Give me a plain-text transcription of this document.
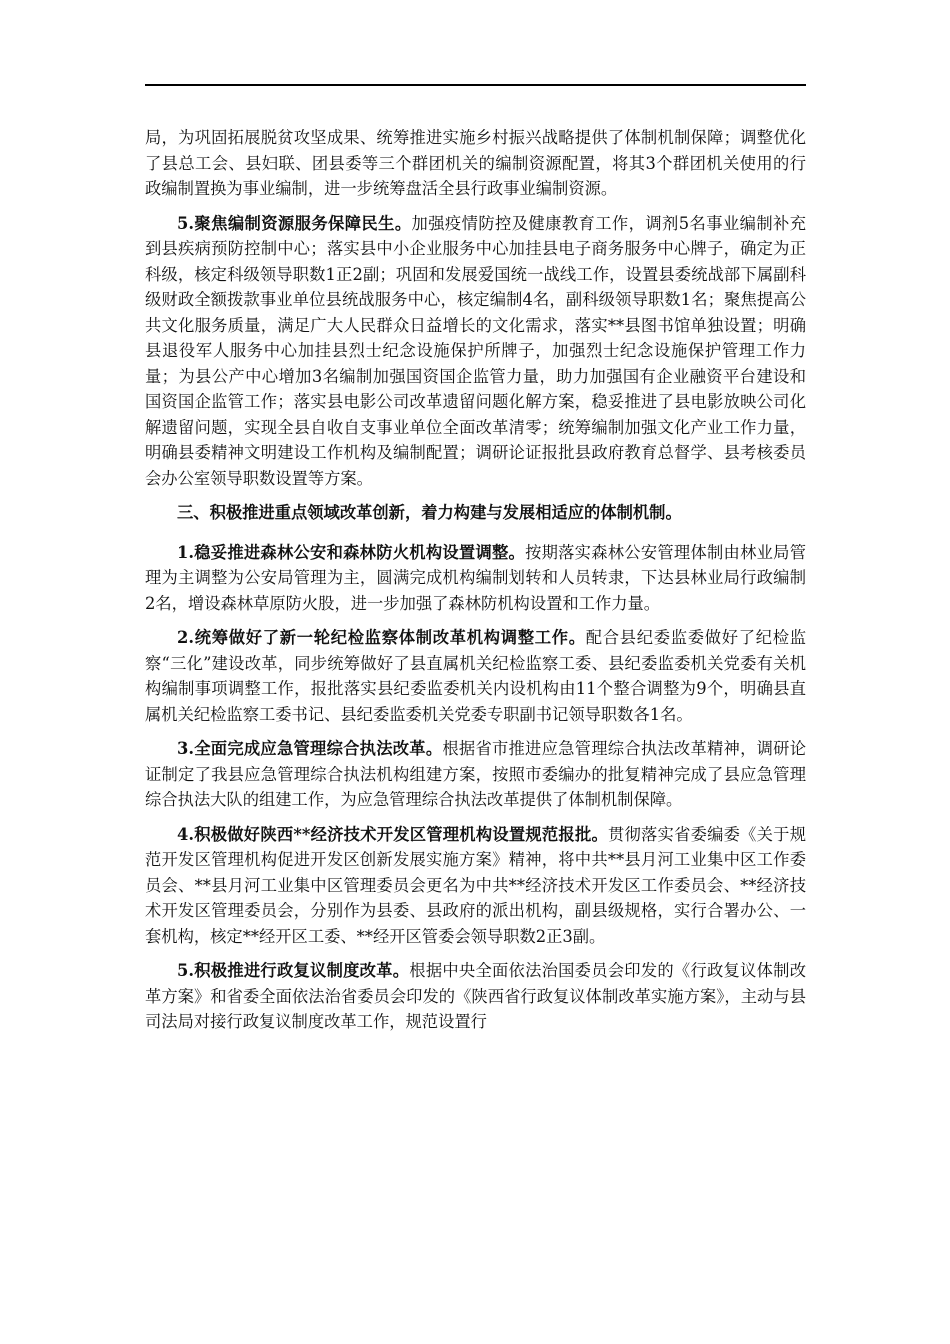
局，为巩固拓展脱贫攻坚成果、统筹推进实施乡村振兴战略提供了体制机制保障；调整优化了县总工会、县妇联、团县委等三个群团机关的编制资源配置，将其3个群团机关使用的行政编制置换为事业编制，进一步统筹盘活全县行政事业编制资源。

5.聚焦编制资源服务保障民生。加强疫情防控及健康教育工作，调剂5名事业编制补充到县疾病预防控制中心；落实县中小企业服务中心加挂县电子商务服务中心牌子，确定为正科级，核定科级领导职数1正2副；巩固和发展爱国统一战线工作，设置县委统战部下属副科级财政全额拨款事业单位县统战服务中心，核定编制4名，副科级领导职数1名；聚焦提高公共文化服务质量，满足广大人民群众日益增长的文化需求，落实**县图书馆单独设置；明确县退役军人服务中心加挂县烈士纪念设施保护所牌子，加强烈士纪念设施保护管理工作力量；为县公产中心增加3名编制加强国资国企监管力量，助力加强国有企业融资平台建设和国资国企监管工作；落实县电影公司改革遗留问题化解方案，稳妥推进了县电影放映公司化解遗留问题，实现全县自收自支事业单位全面改革清零；统筹编制加强文化产业工作力量，明确县委精神文明建设工作机构及编制配置；调研论证报批县政府教育总督学、县考核委员会办公室领导职数设置等方案。

三、积极推进重点领域改革创新，着力构建与发展相适应的体制机制。

1.稳妥推进森林公安和森林防火机构设置调整。按期落实森林公安管理体制由林业局管理为主调整为公安局管理为主，圆满完成机构编制划转和人员转隶，下达县林业局行政编制2名，增设森林草原防火股，进一步加强了森林防机构设置和工作力量。

2.统筹做好了新一轮纪检监察体制改革机构调整工作。配合县纪委监委做好了纪检监察“三化”建设改革，同步统筹做好了县直属机关纪检监察工委、县纪委监委机关党委有关机构编制事项调整工作，报批落实县纪委监委机关内设机构由11个整合调整为9个，明确县直属机关纪检监察工委书记、县纪委监委机关党委专职副书记领导职数各1名。

3.全面完成应急管理综合执法改革。根据省市推进应急管理综合执法改革精神，调研论证制定了我县应急管理综合执法机构组建方案，按照市委编办的批复精神完成了县应急管理综合执法大队的组建工作，为应急管理综合执法改革提供了体制机制保障。

4.积极做好陕西**经济技术开发区管理机构设置规范报批。贯彻落实省委编委《关于规范开发区管理机构促进开发区创新发展实施方案》精神，将中共**县月河工业集中区工作委员会、**县月河工业集中区管理委员会更名为中共**经济技术开发区工作委员会、**经济技术开发区管理委员会，分别作为县委、县政府的派出机构，副县级规格，实行合署办公、一套机构，核定**经开区工委、**经开区管委会领导职数2正3副。

5.积极推进行政复议制度改革。根据中央全面依法治国委员会印发的《行政复议体制改革方案》和省委全面依法治省委员会印发的《陕西省行政复议体制改革实施方案》，主动与县司法局对接行政复议制度改革工作，规范设置行
